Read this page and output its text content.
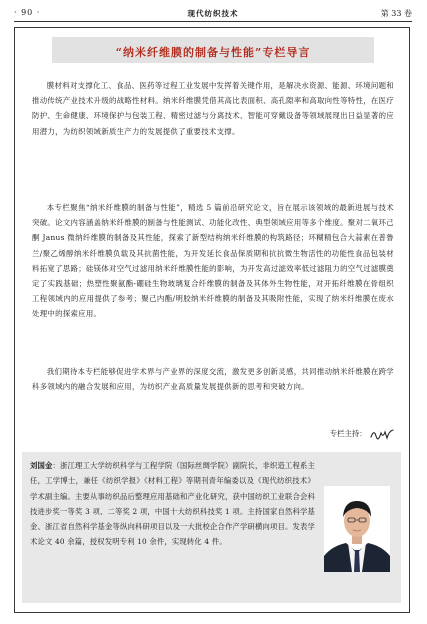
· 90 ·	现代纺织技术	第 33 卷
“纳米纤维膜的制备与性能”专栏导言

膜材料对支撑化工、食品、医药等过程工业发展中发挥着关键作用，是解决水资源、能源、环境问题和推动传统产业技术升级的战略性材料。纳米纤维膜凭借其高比表面积、高孔隙率和高取向性等特性，在医疗防护、生命健康、环境保护与包装工程、精密过滤与分离技术、智能可穿戴设备等领域展现出日益显著的应用潜力，为纺织领域新质生产力的发展提供了重要技术支撑。

本专栏聚焦“纳米纤维膜的制备与性能”，精选 5 篇前沿研究论文，旨在展示该领域的最新进展与技术突破。论文内容涵盖纳米纤维膜的制备与性能测试、功能化改性、典型领域应用等多个维度。聚对二氧环己酮 Janus 微纳纤维膜的制备及其性能，探索了新型结构纳米纤维膜的构筑路径；环糊精包合大蒜素在普鲁兰/聚乙烯醇纳米纤维膜负载及其抗菌性能，为开发延长食品保质期和抗抗微生物活性的功能性食品包装材料拓宽了思路；硅镁体对空气过滤用纳米纤维膜性能的影响，为开发高过滤效率低过滤阻力的空气过滤膜奠定了实践基础；热塑性聚氨酯-硼硅生物玻璃复合纤维膜的制备及其体外生物性能，对开拓纤维膜在骨组织工程领域内的应用提供了参考；聚己内酯/明胶纳米纤维膜的制备及其吸附性能，实现了纳米纤维膜在废水处理中的探索应用。

我们期待本专栏能够促进学术界与产业界的深度交流，激发更多创新灵感，共同推动纳米纤维膜在跨学科多领域内的融合发展和应用，为纺织产业高质量发展提供新的思考和突破方向。

专栏主持：

刘国金：浙江理工大学纺织科学与工程学院（国际丝绸学院）副院长，非织造工程系主任，工学博士，兼任《纺织学报》《材料工程》等期刊青年编委以及《现代纺织技术》学术副主编。主要从事纺织品后整理应用基础和产业化研究，获中国纺织工业联合会科技进步奖一等奖 3 项、二等奖 2 项，中国十大纺织科技奖 1 项。主持国家自然科学基金、浙江省自然科学基金等纵向科研项目以及一大批校企合作产学研横向项目。发表学术论文 40 余篇，授权发明专利 10 余件，实现转化 4 件。
